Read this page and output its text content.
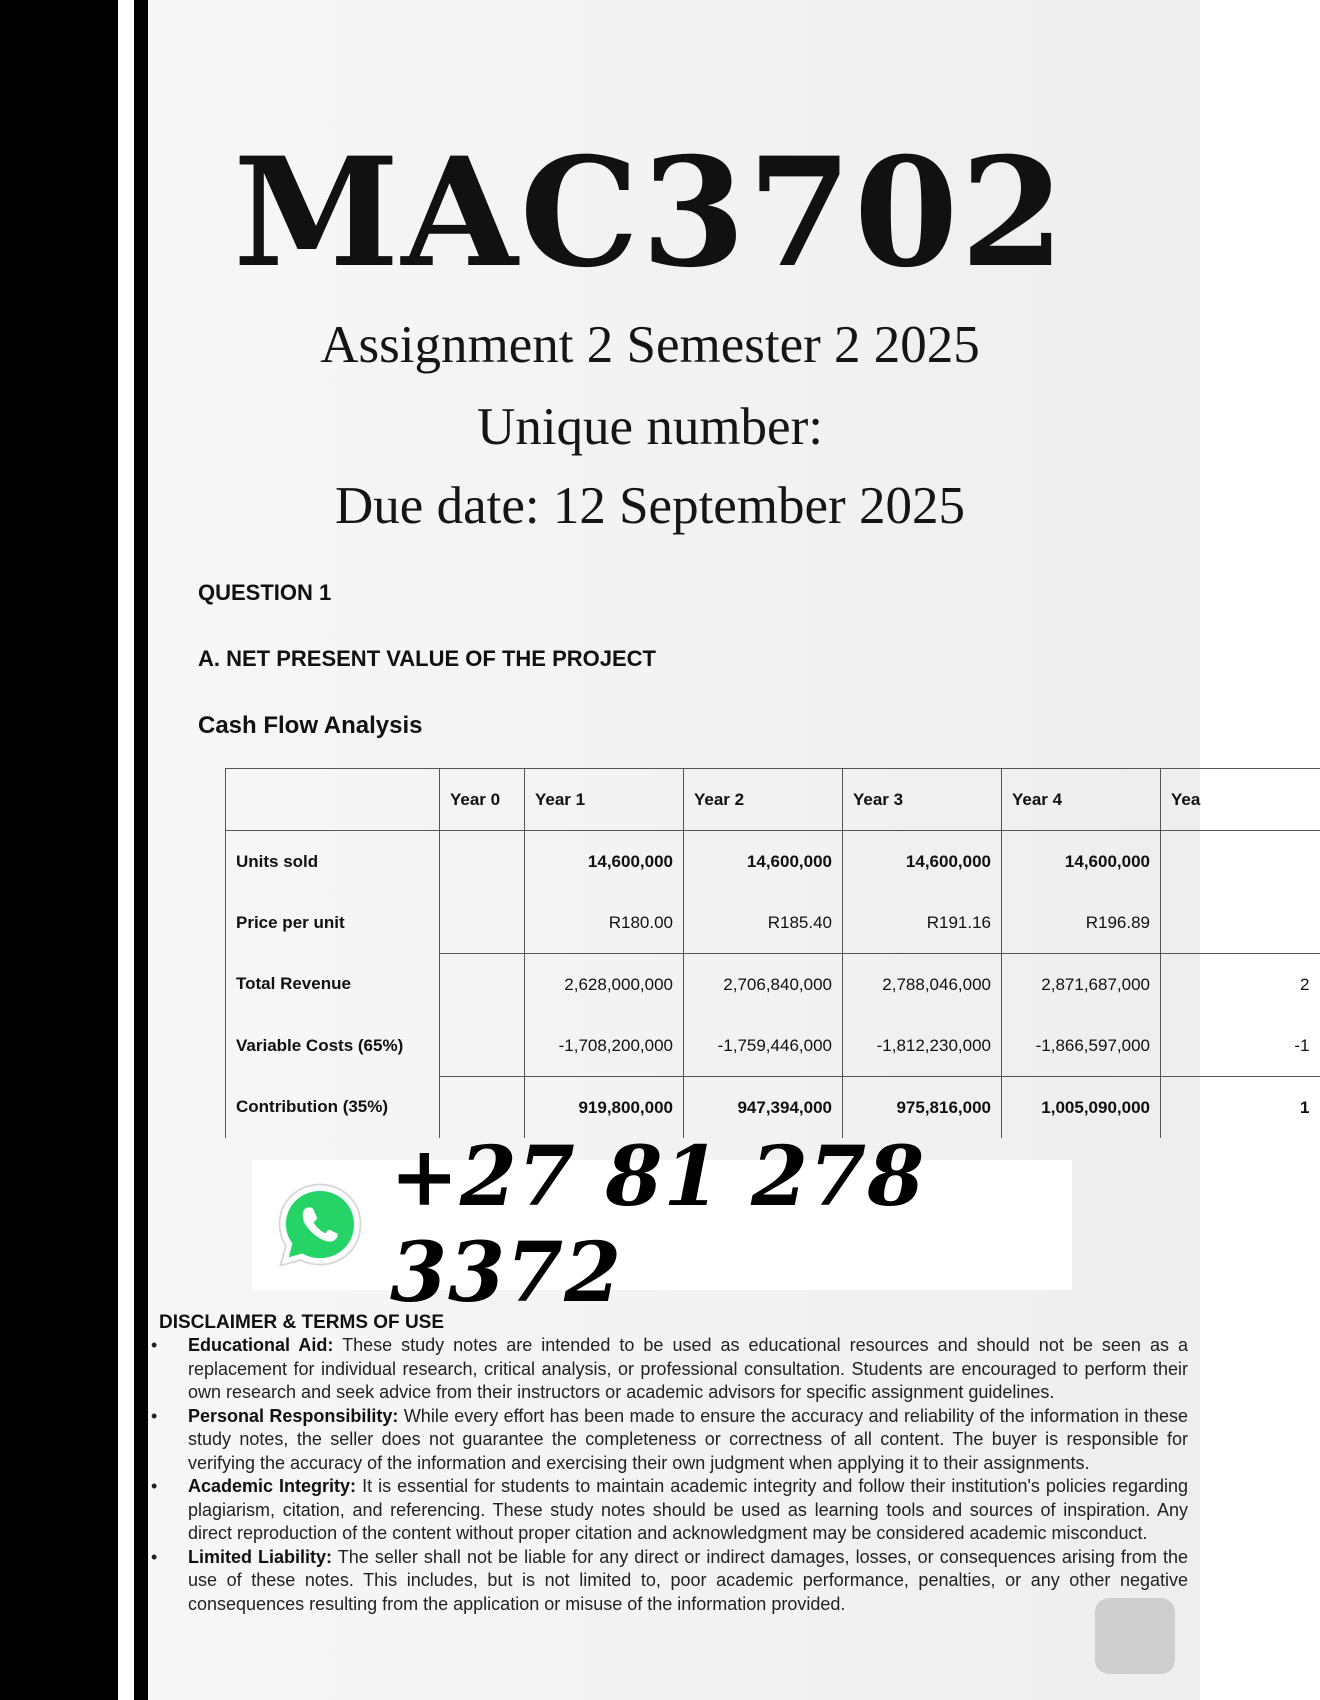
MAC3702
Assignment 2 Semester 2 2025
Unique number:
Due date: 12 September 2025
QUESTION 1
A. NET PRESENT VALUE OF THE PROJECT
Cash Flow Analysis
	Year 0	Year 1	Year 2	Year 3	Year 4	Yea
Units sold		14,600,000	14,600,000	14,600,000	14,600,000	
Price per unit		R180.00	R185.40	R191.16	R196.89	
Total Revenue		2,628,000,000	2,706,840,000	2,788,046,000	2,871,687,000	2
Variable Costs (65%)		-1,708,200,000	-1,759,446,000	-1,812,230,000	-1,866,597,000	-1
Contribution (35%)		919,800,000	947,394,000	975,816,000	1,005,090,000	1
+27 81 278 3372
DISCLAIMER & TERMS OF USE
• Educational Aid: These study notes are intended to be used as educational resources and should not be seen as a replacement for individual research, critical analysis, or professional consultation. Students are encouraged to perform their own research and seek advice from their instructors or academic advisors for specific assignment guidelines.
• Personal Responsibility: While every effort has been made to ensure the accuracy and reliability of the information in these study notes, the seller does not guarantee the completeness or correctness of all content. The buyer is responsible for verifying the accuracy of the information and exercising their own judgment when applying it to their assignments.
• Academic Integrity: It is essential for students to maintain academic integrity and follow their institution's policies regarding plagiarism, citation, and referencing. These study notes should be used as learning tools and sources of inspiration. Any direct reproduction of the content without proper citation and acknowledgment may be considered academic misconduct.
• Limited Liability: The seller shall not be liable for any direct or indirect damages, losses, or consequences arising from the use of these notes. This includes, but is not limited to, poor academic performance, penalties, or any other negative consequences resulting from the application or misuse of the information provided.
